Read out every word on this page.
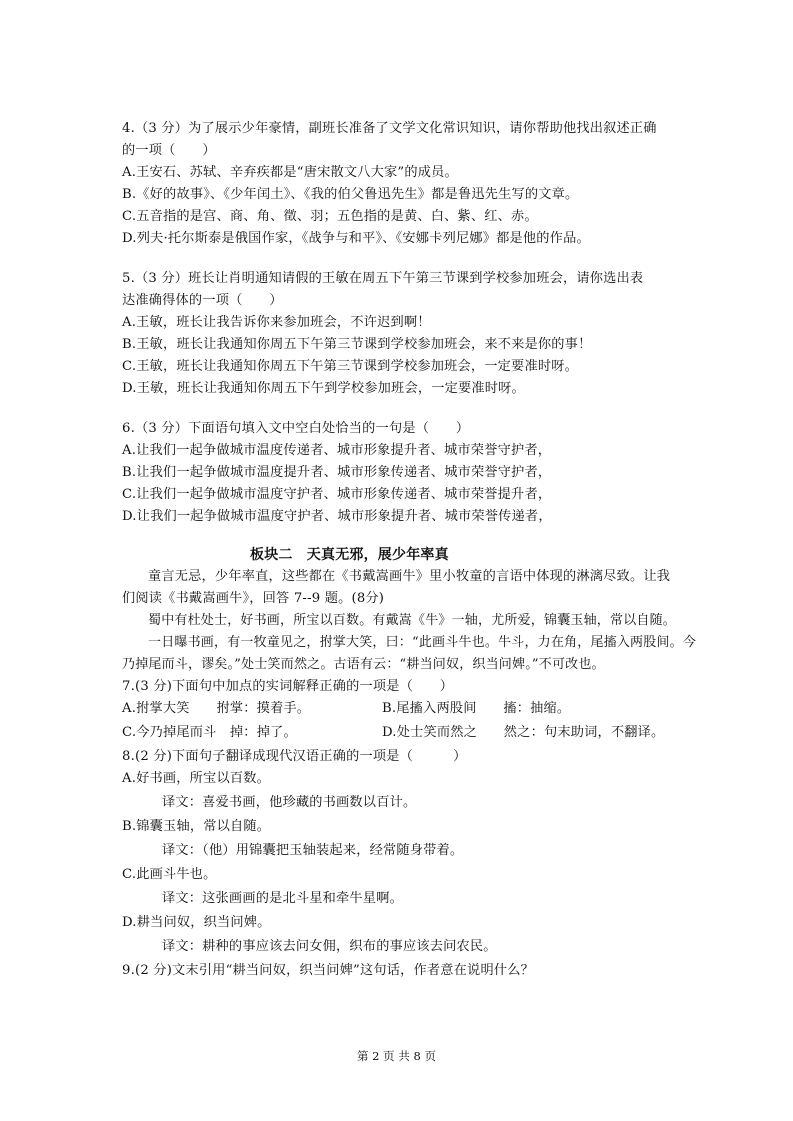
4.（3 分）为了展示少年豪情，副班长准备了文学文化常识知识，请你帮助他找出叙述正确
的一项（　　）
A.王安石、苏轼、辛弃疾都是“唐宋散文八大家”的成员。
B.《好的故事》、《少年闰土》、《我的伯父鲁迅先生》都是鲁迅先生写的文章。
C.五音指的是宫、商、角、徵、羽；五色指的是黄、白、紫、红、赤。
D.列夫·托尔斯泰是俄国作家，《战争与和平》、《安娜卡列尼娜》都是他的作品。
5.（3 分）班长让肖明通知请假的王敏在周五下午第三节课到学校参加班会，请你选出表
达准确得体的一项（　　）
A.王敏，班长让我告诉你来参加班会，不许迟到啊！
B.王敏，班长让我通知你周五下午第三节课到学校参加班会，来不来是你的事！
C.王敏，班长让我通知你周五下午第三节课到学校参加班会，一定要准时呀。
D.王敏，班长让我通知你周五下午到学校参加班会，一定要准时呀。
6.（3 分）下面语句填入文中空白处恰当的一句是（　　）
A.让我们一起争做城市温度传递者、城市形象提升者、城市荣誉守护者，
B.让我们一起争做城市温度提升者、城市形象传递者、城市荣誉守护者，
C.让我们一起争做城市温度守护者、城市形象传递者、城市荣誉提升者，
D.让我们一起争做城市温度守护者、城市形象提升者、城市荣誉传递者，
板块二　天真无邪，展少年率真
童言无忌，少年率直，这些都在《书戴嵩画牛》里小牧童的言语中体现的淋漓尽致。让我
们阅读《书戴嵩画牛》，回答 7--9 题。(8分)
蜀中有杜处士，好书画，所宝以百数。有戴嵩《牛》一轴，尤所爱，锦囊玉轴，常以自随。
一日曝书画，有一牧童见之，拊掌大笑，曰：“此画斗牛也。牛斗，力在角，尾搐入两股间。今
乃掉尾而斗，谬矣。”处士笑而然之。古语有云：“耕当问奴，织当问婢。”不可改也。
7.(3 分)下面句中加点的实词解释正确的一项是（　　）
A.拊掌大笑　　拊掌：摸着手。	B.尾搐入两股间　　搐：抽缩。
C.今乃掉尾而斗　掉：掉了。	D.处士笑而然之　　然之：句末助词，不翻译。
8.(2 分)下面句子翻译成现代汉语正确的一项是（　　　）
A.好书画，所宝以百数。
译文：喜爱书画，他珍藏的书画数以百计。
B.锦囊玉轴，常以自随。
译文：（他）用锦囊把玉轴装起来，经常随身带着。
C.此画斗牛也。
译文：这张画画的是北斗星和牵牛星啊。
D.耕当问奴，织当问婢。
译文：耕种的事应该去问女佣，织布的事应该去问农民。
9.(2 分)文末引用“耕当问奴，织当问婢”这句话，作者意在说明什么？
第 2 页 共 8 页
